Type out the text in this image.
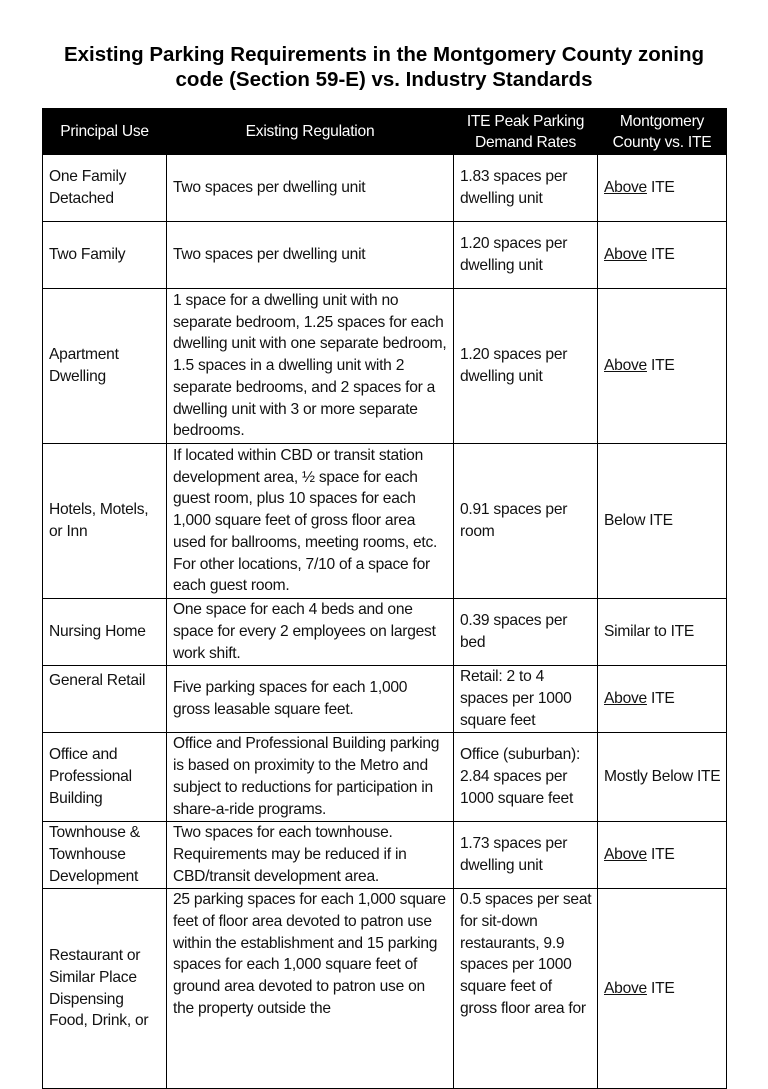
Existing Parking Requirements in the Montgomery County zoning
code (Section 59-E) vs. Industry Standards
Principal Use	Existing Regulation	ITE Peak Parking Demand Rates	Montgomery County vs. ITE
One Family Detached	Two spaces per dwelling unit	1.83 spaces per dwelling unit	Above ITE
Two Family	Two spaces per dwelling unit	1.20 spaces per dwelling unit	Above ITE
Apartment Dwelling	1 space for a dwelling unit with no separate bedroom, 1.25 spaces for each dwelling unit with one separate bedroom, 1.5 spaces in a dwelling unit with 2 separate bedrooms, and 2 spaces for a dwelling unit with 3 or more separate bedrooms.	1.20 spaces per dwelling unit	Above ITE
Hotels, Motels, or Inn	If located within CBD or transit station development area, ½ space for each guest room, plus 10 spaces for each 1,000 square feet of gross floor area used for ballrooms, meeting rooms, etc. For other locations, 7/10 of a space for each guest room.	0.91 spaces per room	Below ITE
Nursing Home	One space for each 4 beds and one space for every 2 employees on largest work shift.	0.39 spaces per bed	Similar to ITE
General Retail	Five parking spaces for each 1,000 gross leasable square feet.	Retail: 2 to 4 spaces per 1000 square feet	Above ITE
Office and Professional Building	Office and Professional Building parking is based on proximity to the Metro and subject to reductions for participation in share-a-ride programs.	Office (suburban): 2.84 spaces per 1000 square feet	Mostly Below ITE
Townhouse & Townhouse Development	Two spaces for each townhouse. Requirements may be reduced if in CBD/transit development area.	1.73 spaces per dwelling unit	Above ITE
Restaurant or Similar Place Dispensing Food, Drink, or	25 parking spaces for each 1,000 square feet of floor area devoted to patron use within the establishment and 15 parking spaces for each 1,000 square feet of ground area devoted to patron use on the property outside the	0.5 spaces per seat for sit-down restaurants, 9.9 spaces per 1000 square feet of gross floor area for	Above ITE
